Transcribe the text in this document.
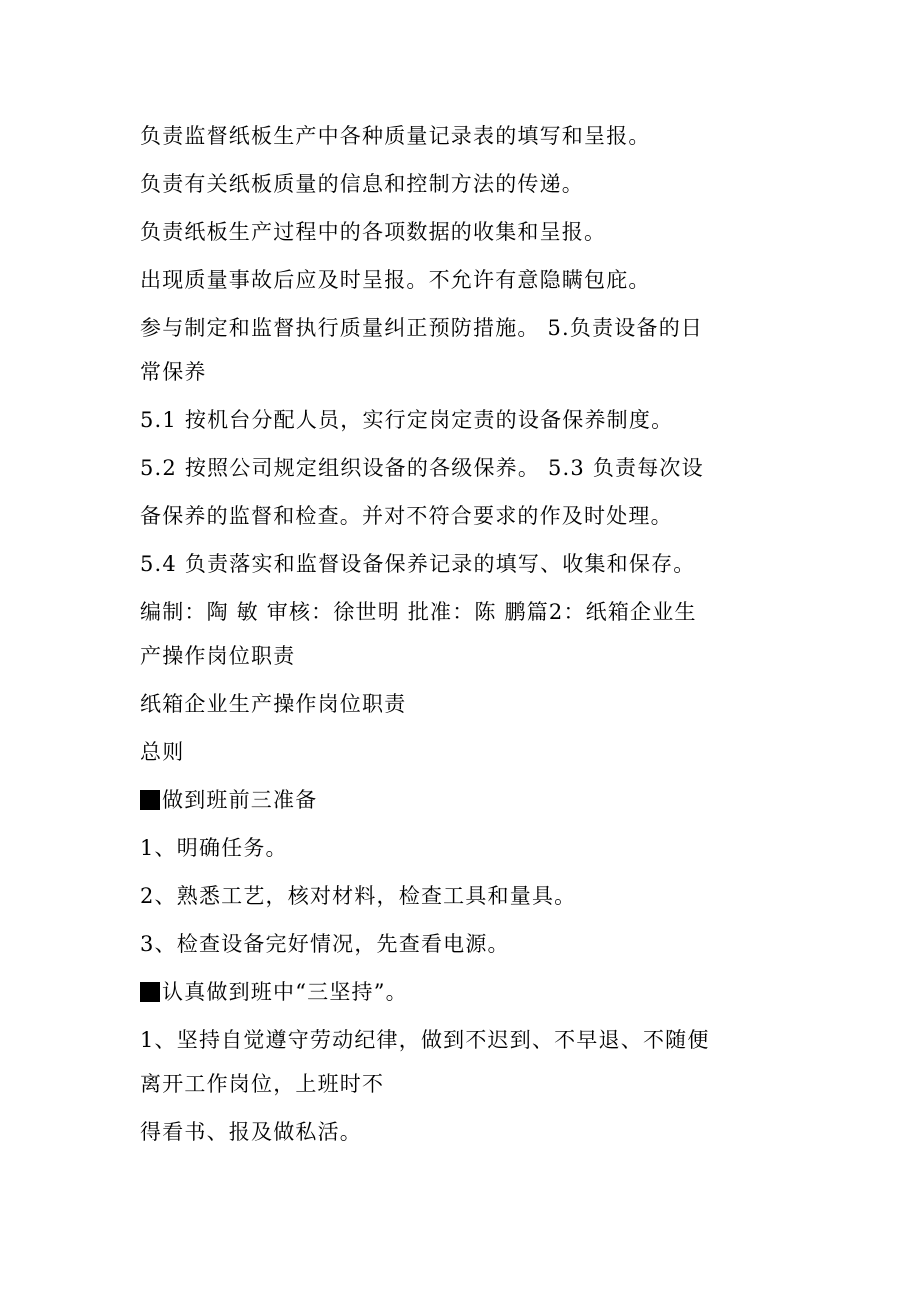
负责监督纸板生产中各种质量记录表的填写和呈报。
负责有关纸板质量的信息和控制方法的传递。
负责纸板生产过程中的各项数据的收集和呈报。
出现质量事故后应及时呈报。不允许有意隐瞒包庇。
参与制定和监督执行质量纠正预防措施。 5.负责设备的日
常保养
5.1 按机台分配人员，实行定岗定责的设备保养制度。
5.2 按照公司规定组织设备的各级保养。 5.3 负责每次设
备保养的监督和检查。并对不符合要求的作及时处理。
5.4 负责落实和监督设备保养记录的填写、收集和保存。
编制：陶 敏 审核：徐世明 批准：陈 鹏篇2：纸箱企业生
产操作岗位职责
纸箱企业生产操作岗位职责
总则
做到班前三准备
1、明确任务。
2、熟悉工艺，核对材料，检查工具和量具。
3、检查设备完好情况，先查看电源。
认真做到班中“三坚持”。
1、坚持自觉遵守劳动纪律，做到不迟到、不早退、不随便
离开工作岗位，上班时不
得看书、报及做私活。
